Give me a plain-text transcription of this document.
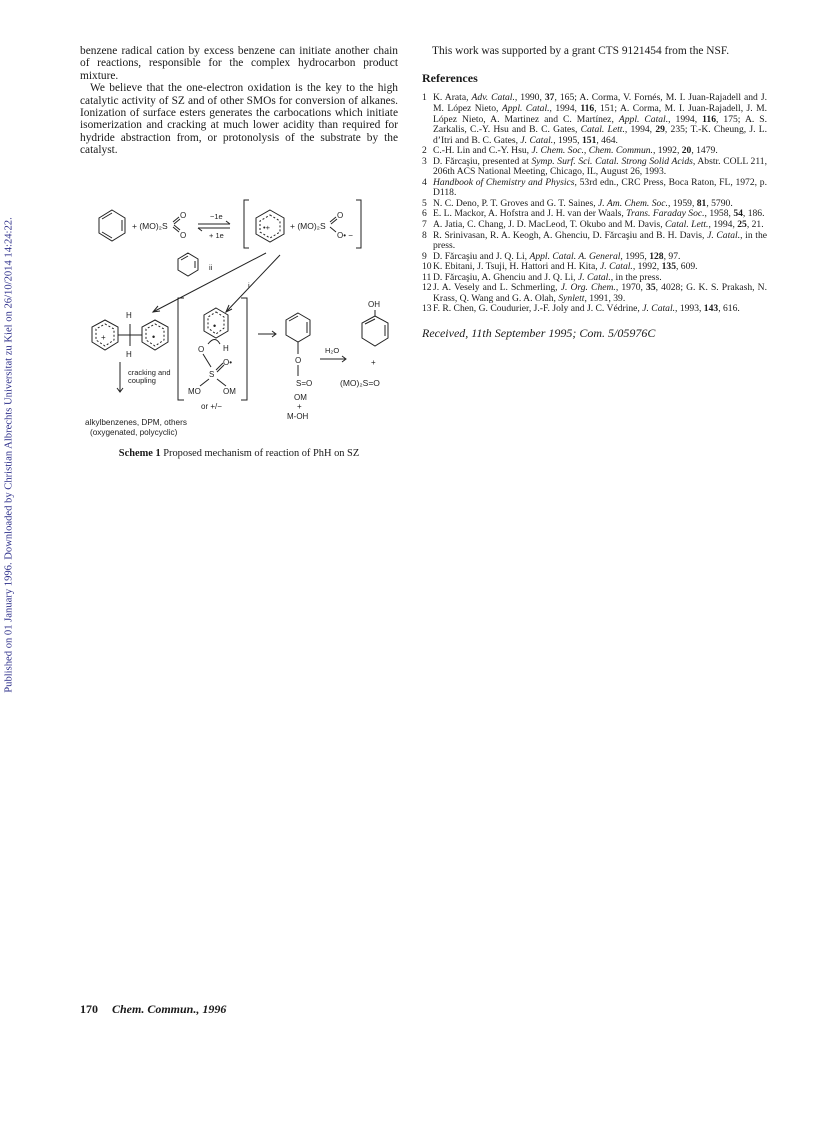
Published on 01 January 1996. Downloaded by Christian Albrechts Universitat zu Kiel on 26/10/2014 14:24:22.

benzene radical cation by excess benzene can initiate another chain of reactions, responsible for the complex hydrocarbon product mixture.

We believe that the one-electron oxidation is the key to the high catalytic activity of SZ and of other SMOs for conversion of alkanes. Ionization of surface esters generates the carbocations which initiate isomerization and cracking at much lower acidity than required for hydride abstraction from, or protonolysis of the substrate by the catalyst.

+ (MO)₂S
O
O
−1e
+ 1e
•+ + (MO)₂S
O
O• −
ii
i
+	•
H
H
cracking and
coupling
alkylbenzenes, DPM, others
(oxygenated, polycyclic)
•
O H
O•
S
MO	OM
or +/−
O
S=O
OM
+
M-OH
H₂O
OH
+
(MO)₂S=O
Scheme 1 Proposed mechanism of reaction of PhH on SZ

This work was supported by a grant CTS 9121454 from the NSF.

References
1 K. Arata, Adv. Catal., 1990, 37, 165; A. Corma, V. Fornés, M. I. Juan-Rajadell and J. M. López Nieto, Appl. Catal., 1994, 116, 151; A. Corma, M. I. Juan-Rajadell, J. M. López Nieto, A. Martinez and C. Martínez, Appl. Catal., 1994, 116, 175; A. S. Zarkalis, C.-Y. Hsu and B. C. Gates, Catal. Lett., 1994, 29, 235; T.-K. Cheung, J. L. d’Itri and B. C. Gates, J. Catal., 1995, 151, 464.
2 C.-H. Lin and C.-Y. Hsu, J. Chem. Soc., Chem. Commun., 1992, 20, 1479.
3 D. Fărcaşiu, presented at Symp. Surf. Sci. Catal. Strong Solid Acids, Abstr. COLL 211, 206th ACS National Meeting, Chicago, IL, August 26, 1993.
4 Handbook of Chemistry and Physics, 53rd edn., CRC Press, Boca Raton, FL, 1972, p. D118.
5 N. C. Deno, P. T. Groves and G. T. Saines, J. Am. Chem. Soc., 1959, 81, 5790.
6 E. L. Mackor, A. Hofstra and J. H. van der Waals, Trans. Faraday Soc., 1958, 54, 186.
7 A. Jatia, C. Chang, J. D. MacLeod, T. Okubo and M. Davis, Catal. Lett., 1994, 25, 21.
8 R. Srinivasan, R. A. Keogh, A. Ghenciu, D. Fărcaşiu and B. H. Davis, J. Catal., in the press.
9 D. Fărcaşiu and J. Q. Li, Appl. Catal. A. General, 1995, 128, 97.
10 K. Ebitani, J. Tsuji, H. Hattori and H. Kita, J. Catal., 1992, 135, 609.
11 D. Fărcaşiu, A. Ghenciu and J. Q. Li, J. Catal., in the press.
12 J. A. Vesely and L. Schmerling, J. Org. Chem., 1970, 35, 4028; G. K. S. Prakash, N. Krass, Q. Wang and G. A. Olah, Synlett, 1991, 39.
13 F. R. Chen, G. Coudurier, J.-F. Joly and J. C. Védrine, J. Catal., 1993, 143, 616.
Received, 11th September 1995; Com. 5/05976C
170 Chem. Commun., 1996
